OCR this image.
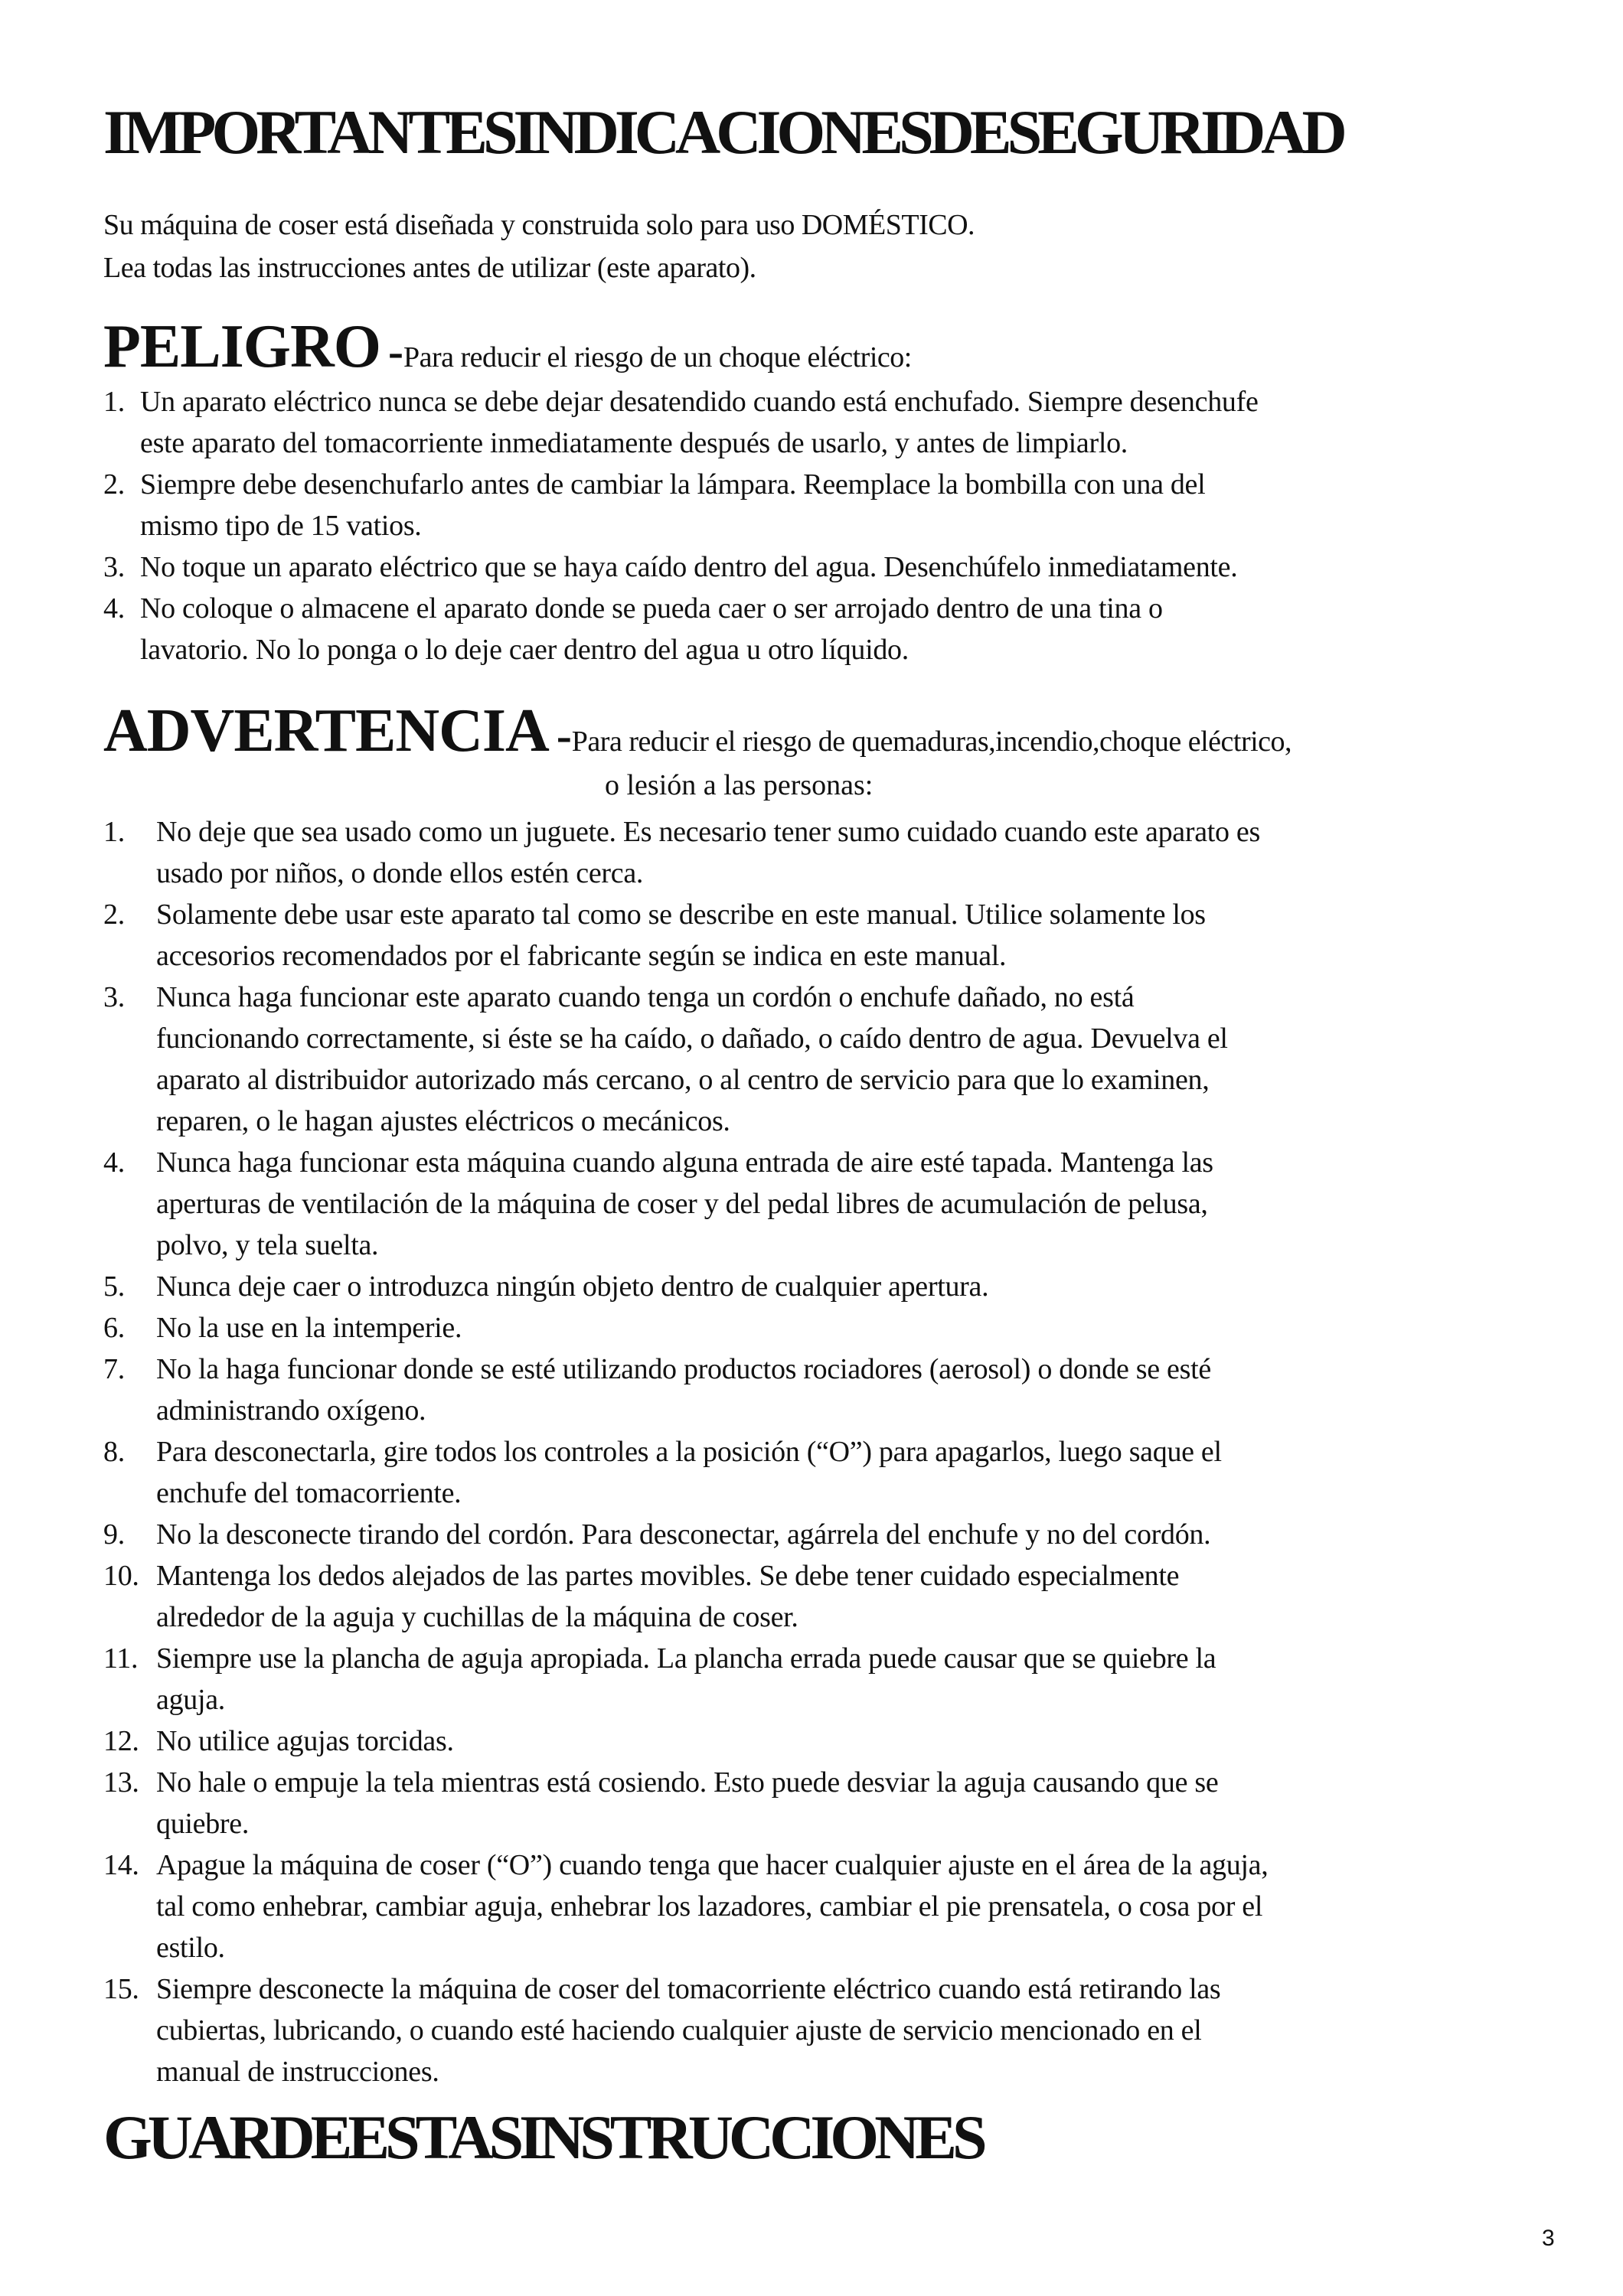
IMPORTANTESINDICACIONESDESEGURIDAD
Su máquina de coser está diseñada y construida solo para uso DOMÉSTICO.
Lea todas las instrucciones antes de utilizar (este aparato).
PELIGRO -Para reducir el riesgo de un choque eléctrico:
1. Un aparato eléctrico nunca se debe dejar desatendido cuando está enchufado. Siempre desenchufe
este aparato del tomacorriente inmediatamente después de usarlo, y antes de limpiarlo.
2. Siempre debe desenchufarlo antes de cambiar la lámpara. Reemplace la bombilla con una del
mismo tipo de 15 vatios.
3. No toque un aparato eléctrico que se haya caído dentro del agua. Desenchúfelo inmediatamente.
4. No coloque o almacene el aparato donde se pueda caer o ser arrojado dentro de una tina o
lavatorio. No lo ponga o lo deje caer dentro del agua u otro líquido.
ADVERTENCIA -Para reducir el riesgo de quemaduras,incendio,choque eléctrico,
o lesión a las personas:
1. No deje que sea usado como un juguete. Es necesario tener sumo cuidado cuando este aparato es
usado por niños, o donde ellos estén cerca.
2. Solamente debe usar este aparato tal como se describe en este manual. Utilice solamente los
accesorios recomendados por el fabricante según se indica en este manual.
3. Nunca haga funcionar este aparato cuando tenga un cordón o enchufe dañado, no está
funcionando correctamente, si éste se ha caído, o dañado, o caído dentro de agua. Devuelva el
aparato al distribuidor autorizado más cercano, o al centro de servicio para que lo examinen,
reparen, o le hagan ajustes eléctricos o mecánicos.
4. Nunca haga funcionar esta máquina cuando alguna entrada de aire esté tapada. Mantenga las
aperturas de ventilación de la máquina de coser y del pedal libres de acumulación de pelusa,
polvo, y tela suelta.
5. Nunca deje caer o introduzca ningún objeto dentro de cualquier apertura.
6. No la use en la intemperie.
7. No la haga funcionar donde se esté utilizando productos rociadores (aerosol) o donde se esté
administrando oxígeno.
8. Para desconectarla, gire todos los controles a la posición (“O”) para apagarlos, luego saque el
enchufe del tomacorriente.
9. No la desconecte tirando del cordón. Para desconectar, agárrela del enchufe y no del cordón.
10. Mantenga los dedos alejados de las partes movibles. Se debe tener cuidado especialmente
alrededor de la aguja y cuchillas de la máquina de coser.
11. Siempre use la plancha de aguja apropiada. La plancha errada puede causar que se quiebre la
aguja.
12. No utilice agujas torcidas.
13. No hale o empuje la tela mientras está cosiendo. Esto puede desviar la aguja causando que se
quiebre.
14. Apague la máquina de coser (“O”) cuando tenga que hacer cualquier ajuste en el área de la aguja,
tal como enhebrar, cambiar aguja, enhebrar los lazadores, cambiar el pie prensatela, o cosa por el
estilo.
15. Siempre desconecte la máquina de coser del tomacorriente eléctrico cuando está retirando las
cubiertas, lubricando, o cuando esté haciendo cualquier ajuste de servicio mencionado en el
manual de instrucciones.
GUARDEESTASINSTRUCCIONES
3
